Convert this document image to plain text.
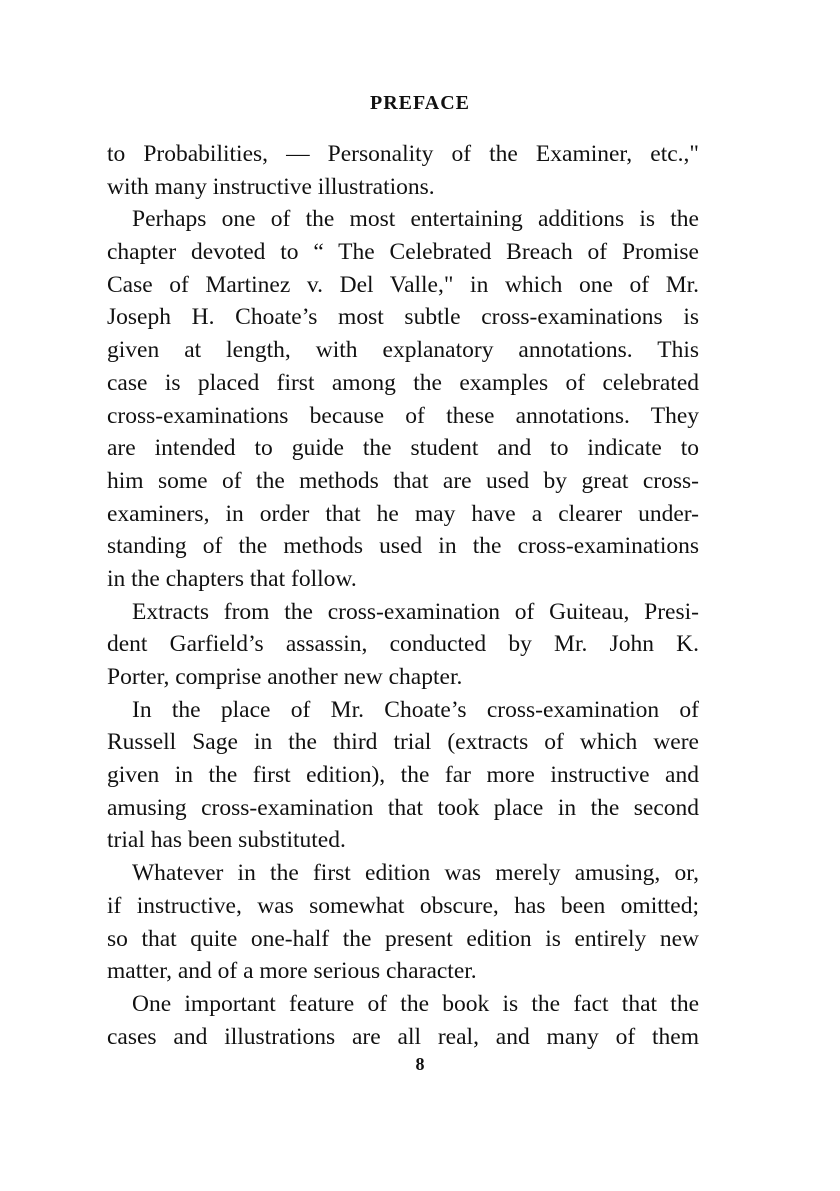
PREFACE
to Probabilities, — Personality of the Examiner, etc.,"
with many instructive illustrations.
Perhaps one of the most entertaining additions is the
chapter devoted to “ The Celebrated Breach of Promise
Case of Martinez v. Del Valle," in which one of Mr.
Joseph H. Choate’s most subtle cross-examinations is
given at length, with explanatory annotations. This
case is placed first among the examples of celebrated
cross-examinations because of these annotations. They
are intended to guide the student and to indicate to
him some of the methods that are used by great cross-
examiners, in order that he may have a clearer under-
standing of the methods used in the cross-examinations
in the chapters that follow.
Extracts from the cross-examination of Guiteau, Presi-
dent Garfield’s assassin, conducted by Mr. John K.
Porter, comprise another new chapter.
In the place of Mr. Choate’s cross-examination of
Russell Sage in the third trial (extracts of which were
given in the first edition), the far more instructive and
amusing cross-examination that took place in the second
trial has been substituted.
Whatever in the first edition was merely amusing, or,
if instructive, was somewhat obscure, has been omitted;
so that quite one-half the present edition is entirely new
matter, and of a more serious character.
One important feature of the book is the fact that the
cases and illustrations are all real, and many of them
8
